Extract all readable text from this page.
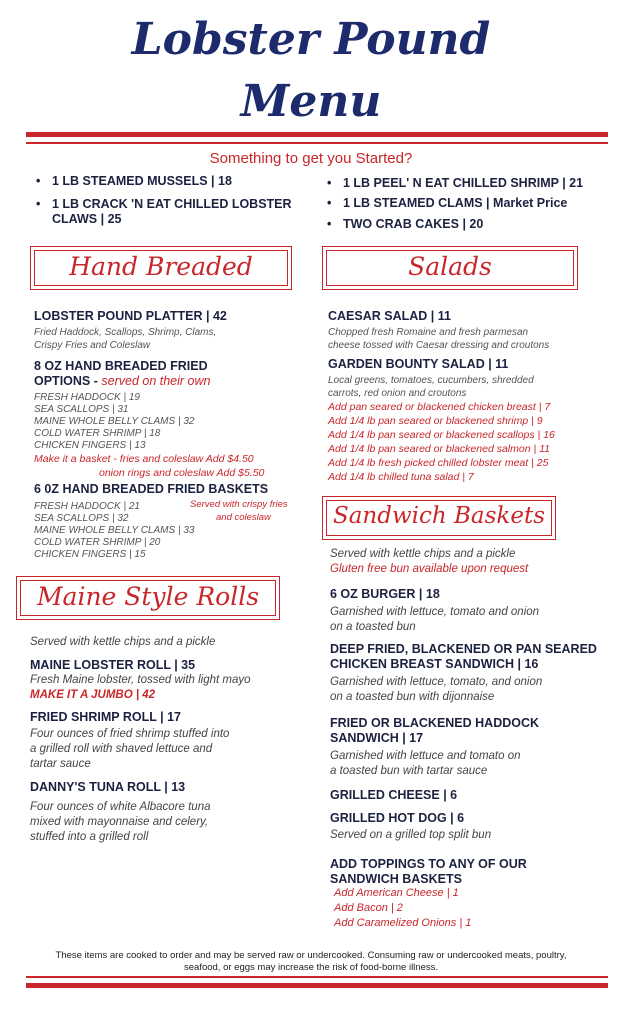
Lobster Pound
Menu
Something to get you Started?
• 1 LB STEAMED MUSSELS | 18
• 1 LB CRACK 'N EAT CHILLED LOBSTER CLAWS | 25
• 1 LB PEEL' N EAT CHILLED SHRIMP | 21
• 1 LB STEAMED CLAMS | Market Price
• TWO CRAB CAKES | 20
Hand Breaded	Salads
LOBSTER POUND PLATTER | 42
Fried Haddock, Scallops, Shrimp, Clams,
Crispy Fries and Coleslaw
8 OZ HAND BREADED FRIED
OPTIONS - served on their own
FRESH HADDOCK | 19
SEA SCALLOPS | 31
MAINE WHOLE BELLY CLAMS | 32
COLD WATER SHRIMP | 18
CHICKEN FINGERS | 13
Make it a basket - fries and coleslaw Add $4.50
onion rings and coleslaw Add $5.50
6 0Z HAND BREADED FRIED BASKETS
FRESH HADDOCK | 21
SEA SCALLOPS | 32
MAINE WHOLE BELLY CLAMS | 33
COLD WATER SHRIMP | 20
CHICKEN FINGERS | 15
Served with crispy fries
and coleslaw
Maine Style Rolls
Served with kettle chips and a pickle
MAINE LOBSTER ROLL | 35
Fresh Maine lobster, tossed with light mayo
MAKE IT A JUMBO | 42
FRIED SHRIMP ROLL | 17
Four ounces of fried shrimp stuffed into
a grilled roll with shaved lettuce and
tartar sauce
DANNY'S TUNA ROLL | 13
Four ounces of white Albacore tuna
mixed with mayonnaise and celery,
stuffed into a grilled roll
CAESAR SALAD | 11
Chopped fresh Romaine and fresh parmesan
cheese tossed with Caesar dressing and croutons
GARDEN BOUNTY SALAD | 11
Local greens, tomatoes, cucumbers, shredded
carrots, red onion and croutons
Add pan seared or blackened chicken breast | 7
Add 1/4 lb pan seared or blackened shrimp | 9
Add 1/4 lb pan seared or blackened scallops | 16
Add 1/4 lb pan seared or blackened salmon | 11
Add 1/4 lb fresh picked chilled lobster meat | 25
Add 1/4 lb chilled tuna salad | 7
Sandwich Baskets
Served with kettle chips and a pickle
Gluten free bun available upon request
6 OZ BURGER | 18
Garnished with lettuce, tomato and onion
on a toasted bun
DEEP FRIED, BLACKENED OR PAN SEARED
CHICKEN BREAST SANDWICH | 16
Garnished with lettuce, tomato, and onion
on a toasted bun with dijonnaise
FRIED OR BLACKENED HADDOCK
SANDWICH | 17
Garnished with lettuce and tomato on
a toasted bun with tartar sauce
GRILLED CHEESE | 6
GRILLED HOT DOG | 6
Served on a grilled top split bun
ADD TOPPINGS TO ANY OF OUR
SANDWICH BASKETS
Add American Cheese | 1
Add Bacon | 2
Add Caramelized Onions | 1
These items are cooked to order and may be served raw or undercooked. Consuming raw or undercooked meats, poultry,
seafood, or eggs may increase the risk of food-borne illness.
